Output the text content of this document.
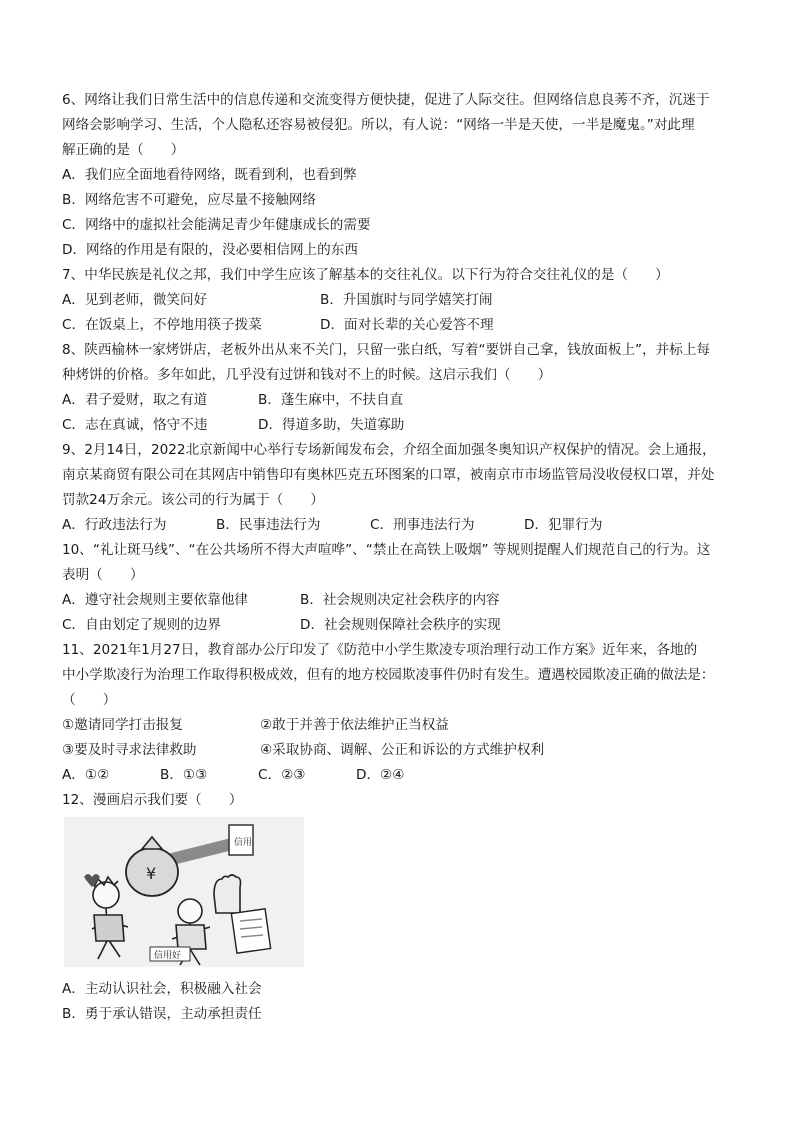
6、网络让我们日常生活中的信息传递和交流变得方便快捷，促进了人际交往。但网络信息良莠不齐，沉迷于
网络会影响学习、生活，个人隐私还容易被侵犯。所以，有人说：“网络一半是天使，一半是魔鬼。”对此理
解正确的是（　　）
A．我们应全面地看待网络，既看到利，也看到弊
B．网络危害不可避免，应尽量不接触网络
C．网络中的虚拟社会能满足青少年健康成长的需要
D．网络的作用是有限的，没必要相信网上的东西
7、中华民族是礼仪之邦，我们中学生应该了解基本的交往礼仪。以下行为符合交往礼仪的是（　　）
A．见到老师，微笑问好	B．升国旗时与同学嬉笑打闹
C．在饭桌上，不停地用筷子拨菜	D．面对长辈的关心爱答不理
8、陕西榆林一家烤饼店，老板外出从来不关门，只留一张白纸，写着“要饼自己拿，钱放面板上”，并标上每
种烤饼的价格。多年如此，几乎没有过饼和钱对不上的时候。这启示我们（　　）
A．君子爱财，取之有道	B．蓬生麻中，不扶自直
C．志在真诚，恪守不违	D．得道多助，失道寡助
9、2月14日，2022北京新闻中心举行专场新闻发布会，介绍全面加强冬奥知识产权保护的情况。会上通报，
南京某商贸有限公司在其网店中销售印有奥林匹克五环图案的口罩，被南京市市场监管局没收侵权口罩，并处
罚款24万余元。该公司的行为属于（　　）
A．行政违法行为	B．民事违法行为	C．刑事违法行为	D．犯罪行为
10、“礼让斑马线”、“在公共场所不得大声喧哗”、“禁止在高铁上吸烟” 等规则提醒人们规范自己的行为。这
表明（　　）
A．遵守社会规则主要依靠他律	B．社会规则决定社会秩序的内容
C．自由划定了规则的边界	D．社会规则保障社会秩序的实现
11、2021年1月27日，教育部办公厅印发了《防范中小学生欺凌专项治理行动工作方案》近年来，各地的
中小学欺凌行为治理工作取得积极成效，但有的地方校园欺凌事件仍时有发生。遭遇校园欺凌正确的做法是：
（　　）
①邀请同学打击报复	②敢于并善于依法维护正当权益
③要及时寻求法律救助	④采取协商、调解、公正和诉讼的方式维护权利
A．①②	B．①③	C．②③	D．②④
12、漫画启示我们要（　　）
信用
¥
信用好
A．主动认识社会，积极融入社会
B．勇于承认错误，主动承担责任
